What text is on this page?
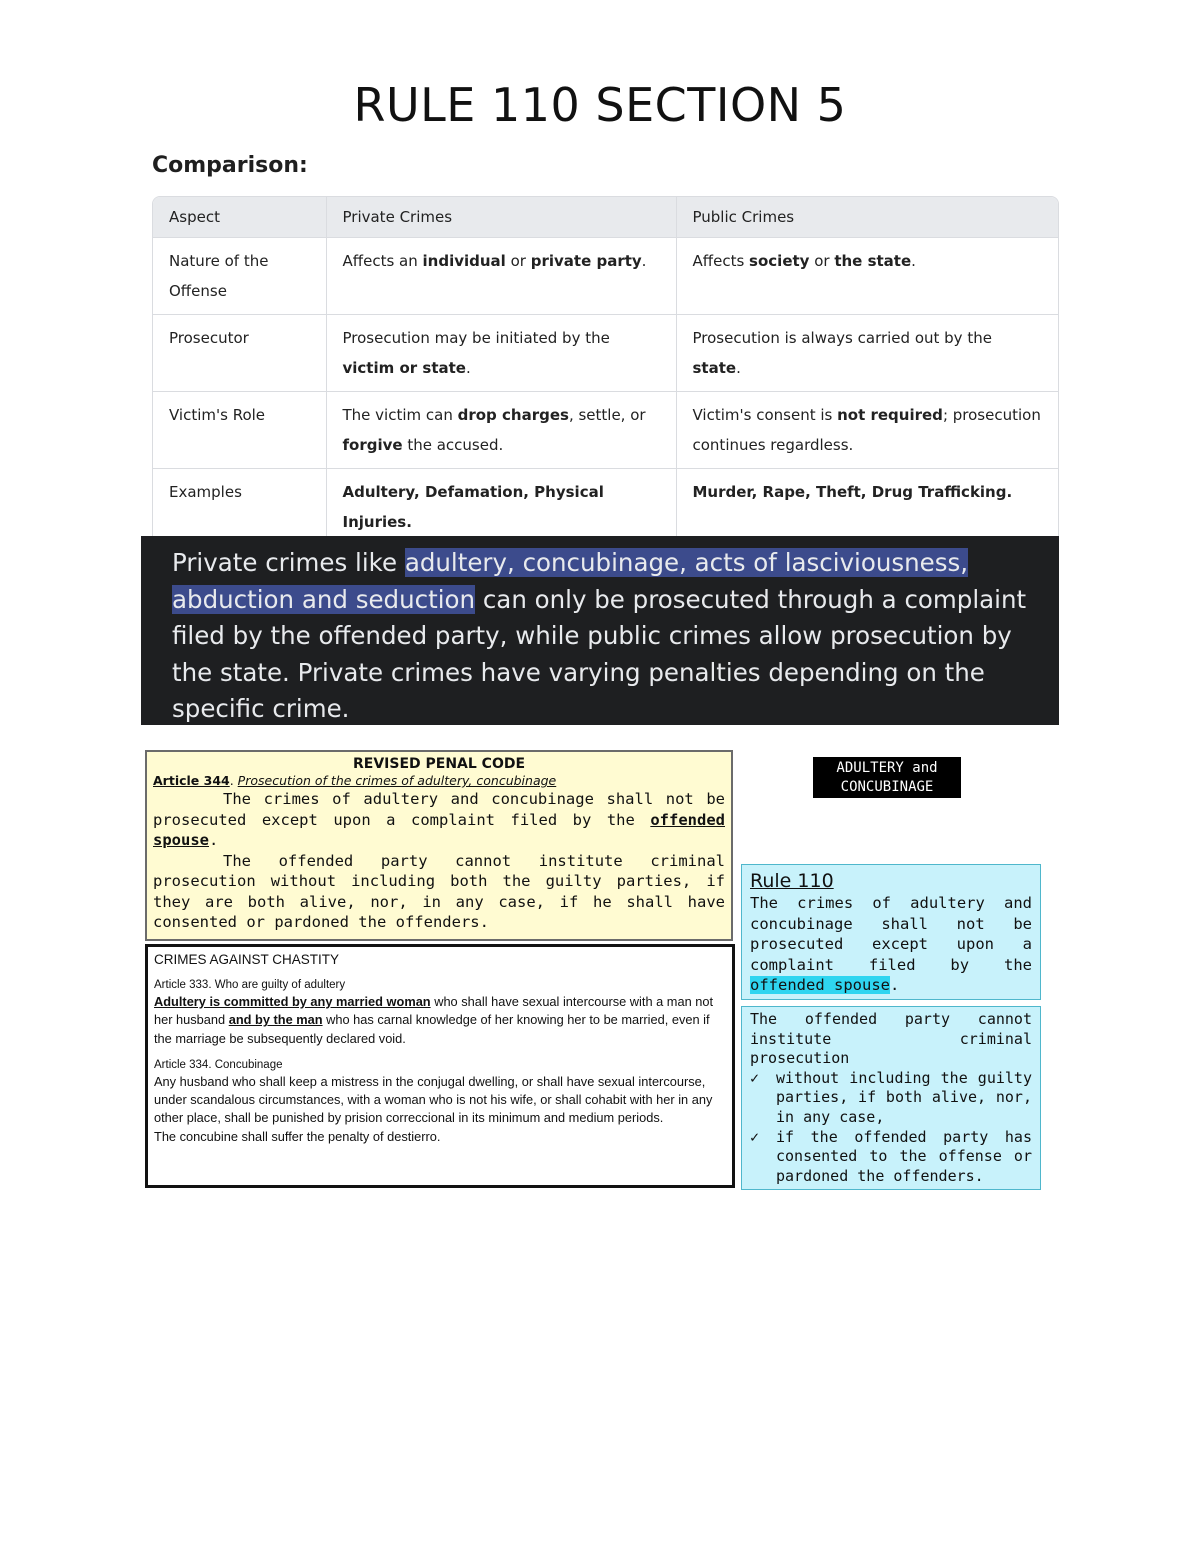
RULE 110 SECTION 5
Comparison:
Aspect	Private Crimes	Public Crimes
Nature of the Offense	Affects an individual or private party.	Affects society or the state.
Prosecutor	Prosecution may be initiated by the victim or state.	Prosecution is always carried out by the state.
Victim's Role	The victim can drop charges, settle, or forgive the accused.	Victim's consent is not required; prosecution continues regardless.
Examples	Adultery, Defamation, Physical Injuries.	Murder, Rape, Theft, Drug Trafficking.
Private crimes like adultery, concubinage, acts of lasciviousness,
abduction and seduction can only be prosecuted through a complaint filed by the offended party, while public crimes allow prosecution by the state. Private crimes have varying penalties depending on the specific crime.
REVISED PENAL CODE
Article 344. Prosecution of the crimes of adultery, concubinage
The crimes of adultery and concubinage shall not be prosecuted except upon a complaint filed by the offended spouse.
The offended party cannot institute criminal prosecution without including both the guilty parties, if they are both alive, nor, in any case, if he shall have consented or pardoned the offenders.
CRIMES AGAINST CHASTITY
Article 333. Who are guilty of adultery
Adultery is committed by any married woman who shall have sexual intercourse with a man not her husband and by the man who has carnal knowledge of her knowing her to be married, even if the marriage be subsequently declared void.
Article 334. Concubinage
Any husband who shall keep a mistress in the conjugal dwelling, or shall have sexual intercourse, under scandalous circumstances, with a woman who is not his wife, or shall cohabit with her in any other place, shall be punished by prision correccional in its minimum and medium periods.
The concubine shall suffer the penalty of destierro.
ADULTERY and
CONCUBINAGE
Rule 110
The crimes of adultery and concubinage shall not be prosecuted except upon a complaint filed by the offended spouse.
The offended party cannot
institute	criminal
prosecution
✓	without including the guilty parties, if both alive, nor, in any case,
✓	if the offended party has consented to the offense or pardoned the offenders.
